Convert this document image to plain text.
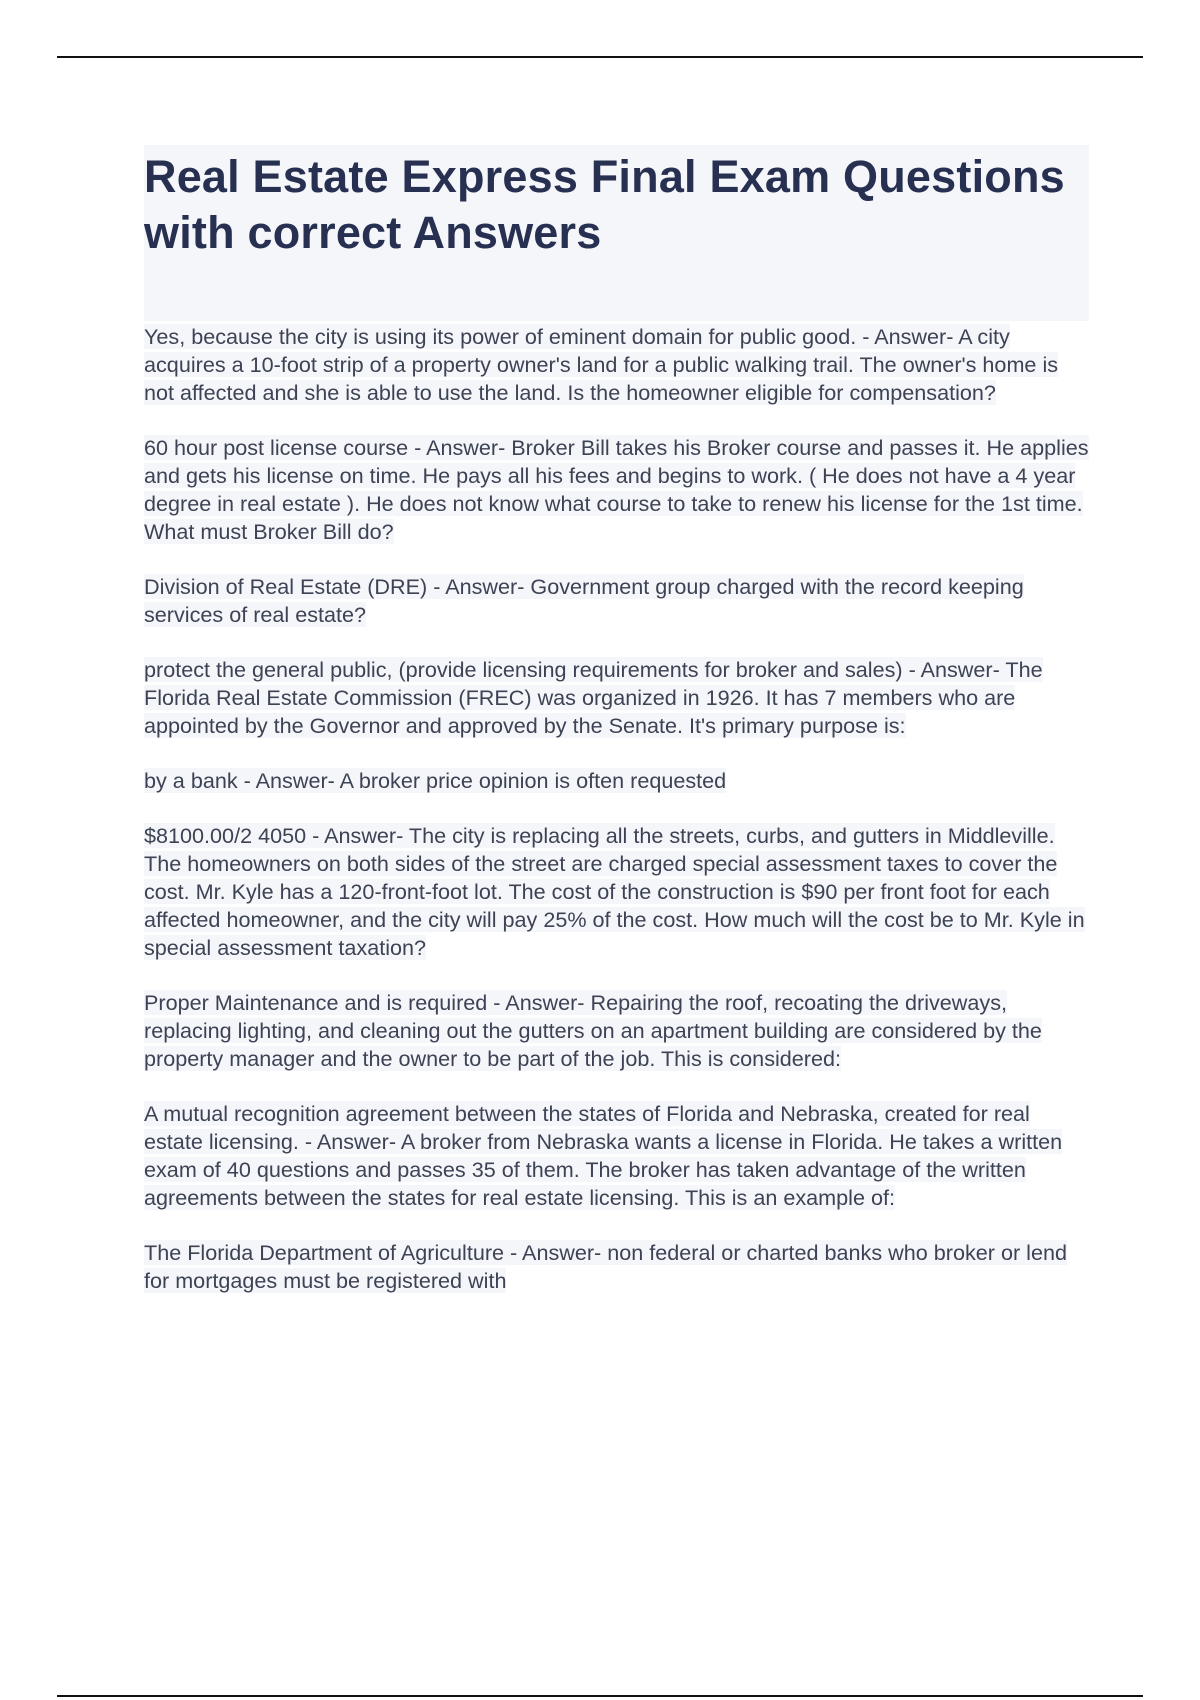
Real Estate Express Final Exam Questions with correct Answers

Yes, because the city is using its power of eminent domain for public good. - Answer- A city acquires a 10-foot strip of a property owner's land for a public walking trail. The owner's home is not affected and she is able to use the land. Is the homeowner eligible for compensation?

60 hour post license course - Answer- Broker Bill takes his Broker course and passes it. He applies and gets his license on time. He pays all his fees and begins to work. ( He does not have a 4 year degree in real estate ). He does not know what course to take to renew his license for the 1st time. What must Broker Bill do?

Division of Real Estate (DRE) - Answer- Government group charged with the record keeping services of real estate?

protect the general public, (provide licensing requirements for broker and sales) - Answer- The Florida Real Estate Commission (FREC) was organized in 1926. It has 7 members who are appointed by the Governor and approved by the Senate. It's primary purpose is:

by a bank - Answer- A broker price opinion is often requested

$8100.00/2 4050 - Answer- The city is replacing all the streets, curbs, and gutters in Middleville. The homeowners on both sides of the street are charged special assessment taxes to cover the cost. Mr. Kyle has a 120-front-foot lot. The cost of the construction is $90 per front foot for each affected homeowner, and the city will pay 25% of the cost. How much will the cost be to Mr. Kyle in special assessment taxation?

Proper Maintenance and is required - Answer- Repairing the roof, recoating the driveways, replacing lighting, and cleaning out the gutters on an apartment building are considered by the property manager and the owner to be part of the job. This is considered:

A mutual recognition agreement between the states of Florida and Nebraska, created for real estate licensing. - Answer- A broker from Nebraska wants a license in Florida. He takes a written exam of 40 questions and passes 35 of them. The broker has taken advantage of the written agreements between the states for real estate licensing. This is an example of:

The Florida Department of Agriculture - Answer- non federal or charted banks who broker or lend for mortgages must be registered with
